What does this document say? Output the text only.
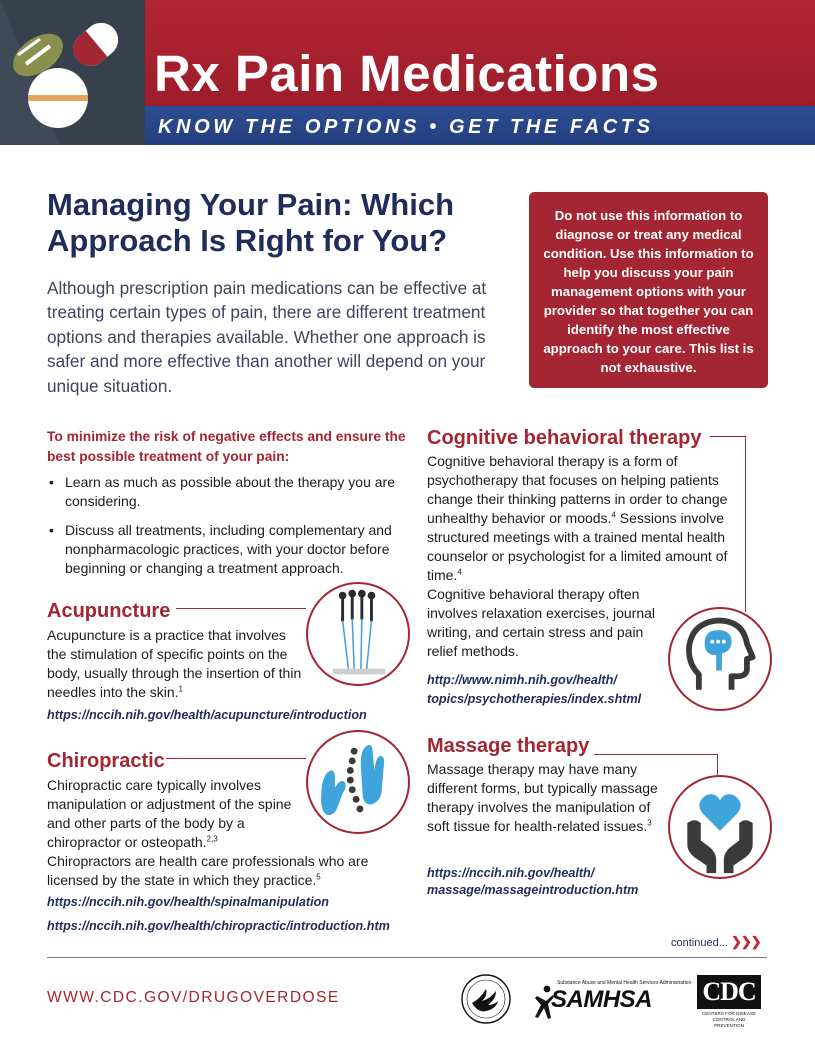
Rx Pain Medications
KNOW THE OPTIONS • GET THE FACTS
Managing Your Pain: Which Approach Is Right for You?

Although prescription pain medications can be effective at treating certain types of pain, there are different treatment options and therapies available. Whether one approach is safer and more effective than another will depend on your unique situation.

Do not use this information to diagnose or treat any medical condition. Use this information to help you discuss your pain management options with your provider so that together you can identify the most effective approach to your care. This list is not exhaustive.
To minimize the risk of negative effects and ensure the best possible treatment of your pain:
• Learn as much as possible about the therapy you are considering.
• Discuss all treatments, including complementary and nonpharmacologic practices, with your doctor before beginning or changing a treatment approach.
Acupuncture
Acupuncture is a practice that involves the stimulation of specific points on the body, usually through the insertion of thin needles into the skin.$^1$
https://nccih.nih.gov/health/acupuncture/introduction
Chiropractic
Chiropractic care typically involves manipulation or adjustment of the spine and other parts of the body by a chiropractor or osteopath.$^{2,3}$
Chiropractors are health care professionals who are licensed by the state in which they practice.$^5$
https://nccih.nih.gov/health/spinalmanipulation
https://nccih.nih.gov/health/chiropractic/introduction.htm
Cognitive behavioral therapy
Cognitive behavioral therapy is a form of psychotherapy that focuses on helping patients change their thinking patterns in order to change unhealthy behavior or moods.$^4$ Sessions involve structured meetings with a trained mental health counselor or psychologist for a limited amount of time.$^4$
Cognitive behavioral therapy often involves relaxation exercises, journal writing, and certain stress and pain relief methods.
http://www.nimh.nih.gov/health/
topics/psychotherapies/index.shtml
Massage therapy
Massage therapy may have many different forms, but typically massage therapy involves the manipulation of soft tissue for health-related issues.$^3$
https://nccih.nih.gov/health/
massage/massageintroduction.htm
continued... ❯❯❯
WWW.CDC.GOV/DRUGOVERDOSE
Substance Abuse and Mental Health Services Administration
SAMHSA CDC
CENTERS FOR DISEASE CONTROL AND PREVENTION
